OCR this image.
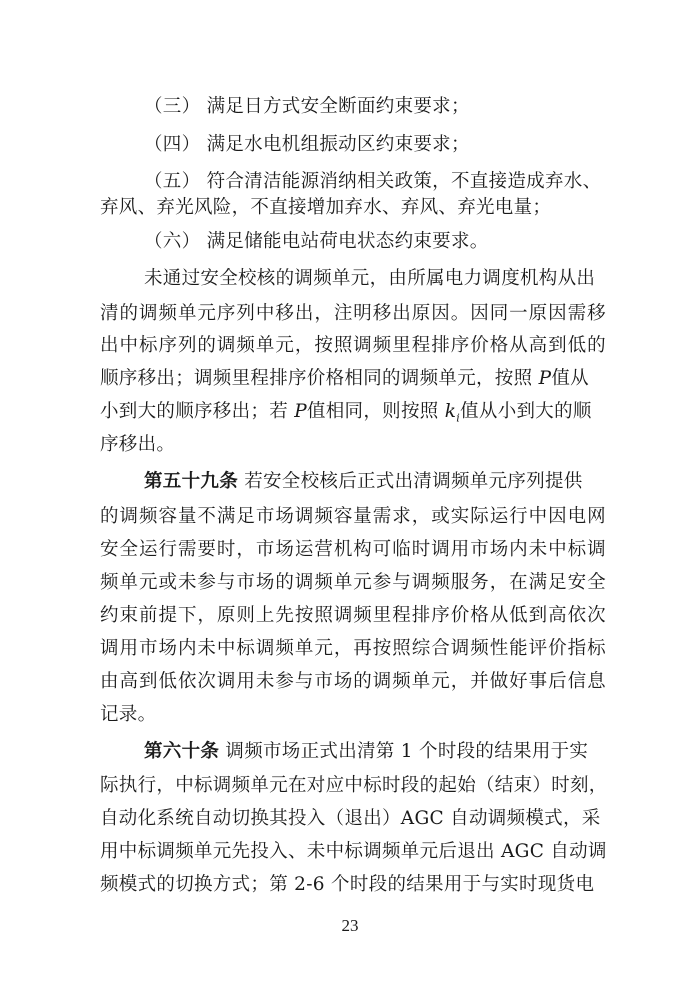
（三） 满足日方式安全断面约束要求；
（四） 满足水电机组振动区约束要求；
（五） 符合清洁能源消纳相关政策，不直接造成弃水、
弃风、弃光风险，不直接增加弃水、弃风、弃光电量；
（六） 满足储能电站荷电状态约束要求。
未通过安全校核的调频单元，由所属电力调度机构从出
清 的 调 频 单 元 序 列 中 移 出 ， 注 明 移 出 原 因 。 因 同 一 原 因 需 移
出 中 标 序 列 的 调 频 单 元 ， 按 照 调 频 里 程 排 序 价 格 从 高 到 低 的
顺序移出；调频里程排序价格相同的调频单元，按照 P值从
小到大的顺序移出；若 P值相同，则按照 $k_i$值从小到大的顺
序移出。
第五十九条 若安全校核后正式出清调频单元序列提供
的 调 频 容 量 不 满 足 市 场 调 频 容 量 需 求 ， 或 实 际 运 行 中 因 电 网
安 全 运 行 需 要 时 ， 市 场 运 营 机 构 可 临 时 调 用 市 场 内 未 中 标 调
频 单 元 或 未 参 与 市 场 的 调 频 单 元 参 与 调 频 服 务 ， 在 满 足 安 全
约 束 前 提 下 ， 原 则 上 先 按 照 调 频 里 程 排 序 价 格 从 低 到 高 依 次
调 用 市 场 内 未 中 标 调 频 单 元 ， 再 按 照 综 合 调 频 性 能 评 价 指 标
由 高 到 低 依 次 调 用 未 参 与 市 场 的 调 频 单 元 ， 并 做 好 事 后 信 息
记录。
第六十条 调频市场正式出清第 1 个时段的结果用于实
际执行，中标调频单元在对应中标时段的起始（结束）时刻，
自动化系统自动切换其投入（退出）AGC 自动调频模式，采
用中标调频单元先投入、未中标调频单元后退出 AGC 自动调
频模式的切换方式；第 2-6 个时段的结果用于与实时现货电
23
